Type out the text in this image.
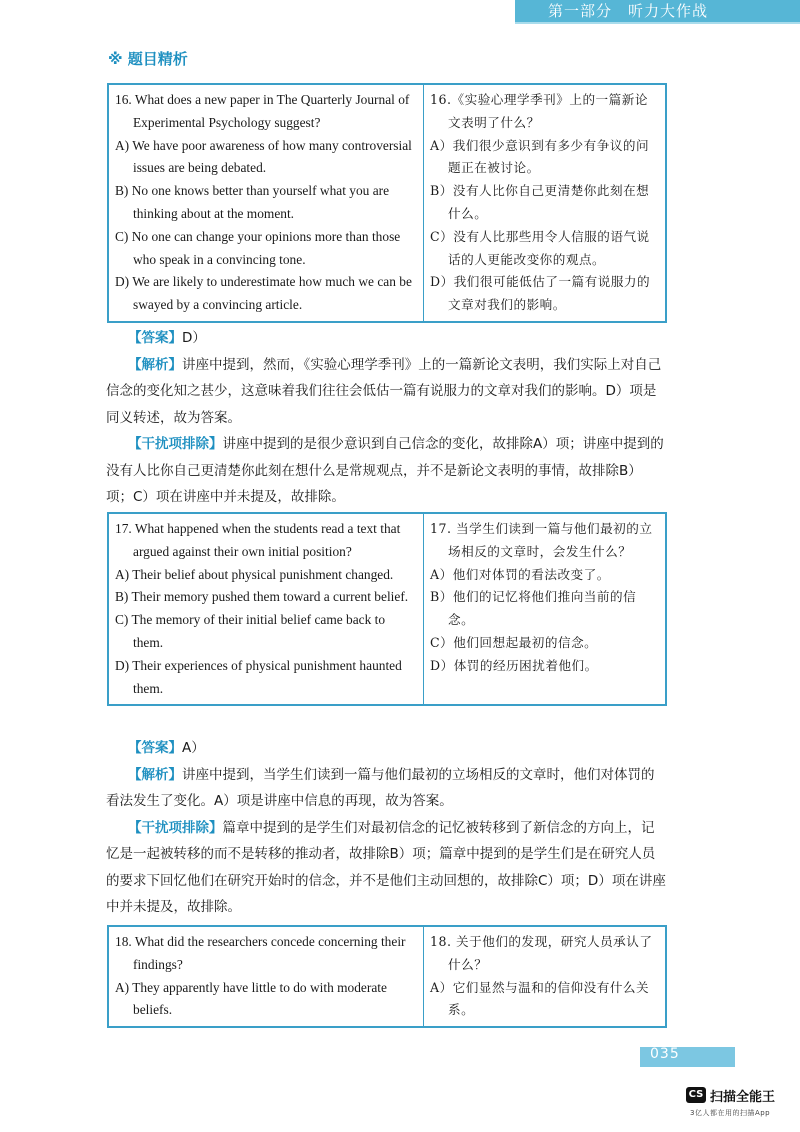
第一部分　听力大作战
※ 题目精析
16. What does a new paper in The Quarterly Journal of Experimental Psychology suggest?
A) We have poor awareness of how many controversial issues are being debated.
B) No one knows better than yourself what you are thinking about at the moment.
C) No one can change your opinions more than those who speak in a convincing tone.
D) We are likely to underestimate how much we can be swayed by a convincing article.

16.《实验心理学季刊》上的一篇新论文表明了什么？
A）我们很少意识到有多少有争议的问题正在被讨论。
B）没有人比你自己更清楚你此刻在想什么。
C）没有人比那些用令人信服的语气说话的人更能改变你的观点。
D）我们很可能低估了一篇有说服力的文章对我们的影响。
【答案】D）
【解析】讲座中提到，然而，《实验心理学季刊》上的一篇新论文表明，我们实际上对自己信念的变化知之甚少，这意味着我们往往会低估一篇有说服力的文章对我们的影响。D）项是同义转述，故为答案。
【干扰项排除】讲座中提到的是很少意识到自己信念的变化，故排除A）项；讲座中提到的没有人比你自己更清楚你此刻在想什么是常规观点，并不是新论文表明的事情，故排除B）项；C）项在讲座中并未提及，故排除。
17. What happened when the students read a text that argued against their own initial position?
A) Their belief about physical punishment changed.
B) Their memory pushed them toward a current belief.
C) The memory of their initial belief came back to them.
D) Their experiences of physical punishment haunted them.

17. 当学生们读到一篇与他们最初的立场相反的文章时，会发生什么？
A）他们对体罚的看法改变了。
B）他们的记忆将他们推向当前的信念。
C）他们回想起最初的信念。
D）体罚的经历困扰着他们。
【答案】A）
【解析】讲座中提到，当学生们读到一篇与他们最初的立场相反的文章时，他们对体罚的看法发生了变化。A）项是讲座中信息的再现，故为答案。
【干扰项排除】篇章中提到的是学生们对最初信念的记忆被转移到了新信念的方向上，记忆是一起被转移的而不是转移的推动者，故排除B）项；篇章中提到的是学生们是在研究人员的要求下回忆他们在研究开始时的信念，并不是他们主动回想的，故排除C）项；D）项在讲座中并未提及，故排除。
18. What did the researchers concede concerning their findings?
A) They apparently have little to do with moderate beliefs.

18. 关于他们的发现，研究人员承认了什么？
A）它们显然与温和的信仰没有什么关系。
035
CS 扫描全能王
3亿人都在用的扫描App
